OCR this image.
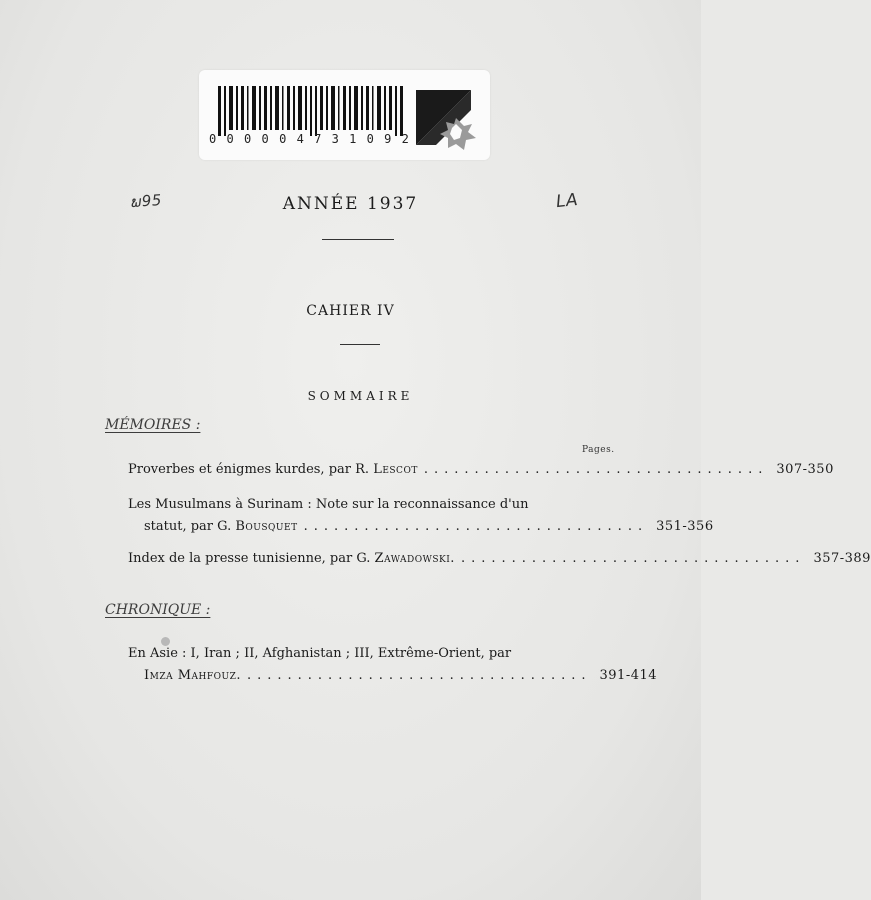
0 0 0 0 0 4 7 3 1 0 9 2
ພ95	LA
ANNÉE 1937
CAHIER IV
SOMMAIRE
MÉMOIRES :
Pages.
Proverbes et énigmes kurdes, par R. Lescot .................................. 307-350
Les Musulmans à Surinam : Note sur la reconnaissance d'un
statut, par G. Bousquet .................................. 351-356
Index de la presse tunisienne, par G. Zawadowski. .................................. 357-389
CHRONIQUE :
En Asie : I, Iran ; II, Afghanistan ; III, Extrême-Orient, par
Imza Mahfouz. .................................. 391-414
